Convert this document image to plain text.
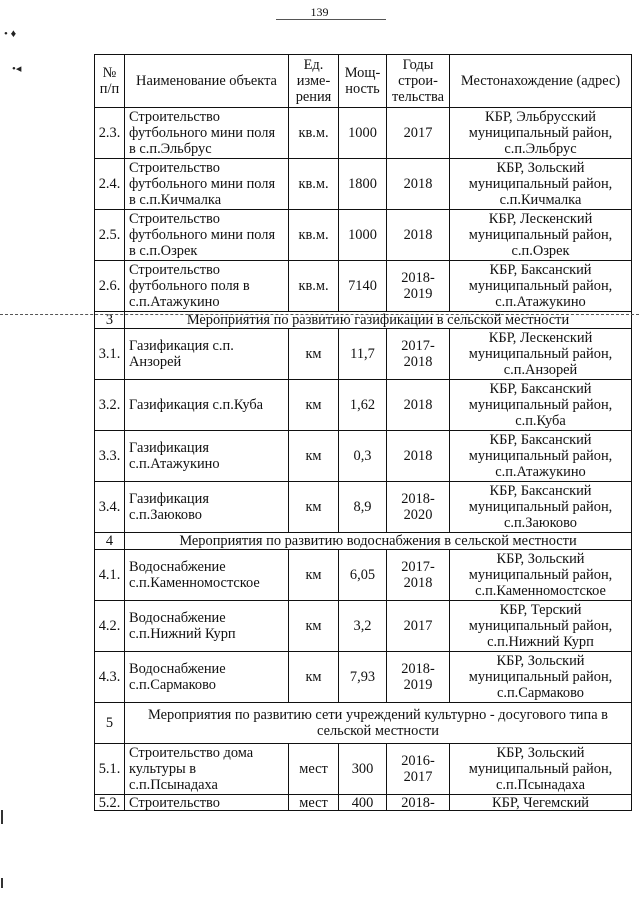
139
• ♦
•◂	№ п/п	Наименование объекта	Ед. изме-рения	Мощ-ность	Годы строи-тельства	Местонахождение (адрес)
2.3.	Строительство футбольного мини поля в с.п.Эльбрус	кв.м.	1000	2017	КБР, Эльбрусский муниципальный район, с.п.Эльбрус
2.4.	Строительство футбольного мини поля в с.п.Кичмалка	кв.м.	1800	2018	КБР, Зольский муниципальный район, с.п.Кичмалка
2.5.	Строительство футбольного мини поля в с.п.Озрек	кв.м.	1000	2018	КБР, Лескенский муниципальный район, с.п.Озрек
2.6.	Строительство футбольного поля в с.п.Атажукино	кв.м.	7140	2018-2019	КБР, Баксанский муниципальный район, с.п.Атажукино
3	Мероприятия по развитию газификации в сельской местности				
3.1.	Газификация с.п. Анзорей	км	11,7	2017-2018	КБР, Лескенский муниципальный район, с.п.Анзорей
3.2.	Газификация с.п.Куба	км	1,62	2018	КБР, Баксанский муниципальный район, с.п.Куба
3.3.	Газификация с.п.Атажукино	км	0,3	2018	КБР, Баксанский муниципальный район, с.п.Атажукино
3.4.	Газификация с.п.Заюково	км	8,9	2018-2020	КБР, Баксанский муниципальный район, с.п.Заюково
4	Мероприятия по развитию водоснабжения в сельской местности				
4.1.	Водоснабжение с.п.Каменномостское	км	6,05	2017-2018	КБР, Зольский муниципальный район, с.п.Каменномостское
4.2.	Водоснабжение с.п.Нижний Курп	км	3,2	2017	КБР, Терский муниципальный район, с.п.Нижний Курп
4.3.	Водоснабжение с.п.Сармаково	км	7,93	2018-2019	КБР, Зольский муниципальный район, с.п.Сармаково
5	Мероприятия по развитию сети учреждений культурно - досугового типа в сельской местности				
5.1.	Строительство дома культуры в с.п.Псынадаха	мест	300	2016-2017	КБР, Зольский муниципальный район, с.п.Псынадаха
5.2.	Строительство	мест	400	2018-	КБР, Чегемский
